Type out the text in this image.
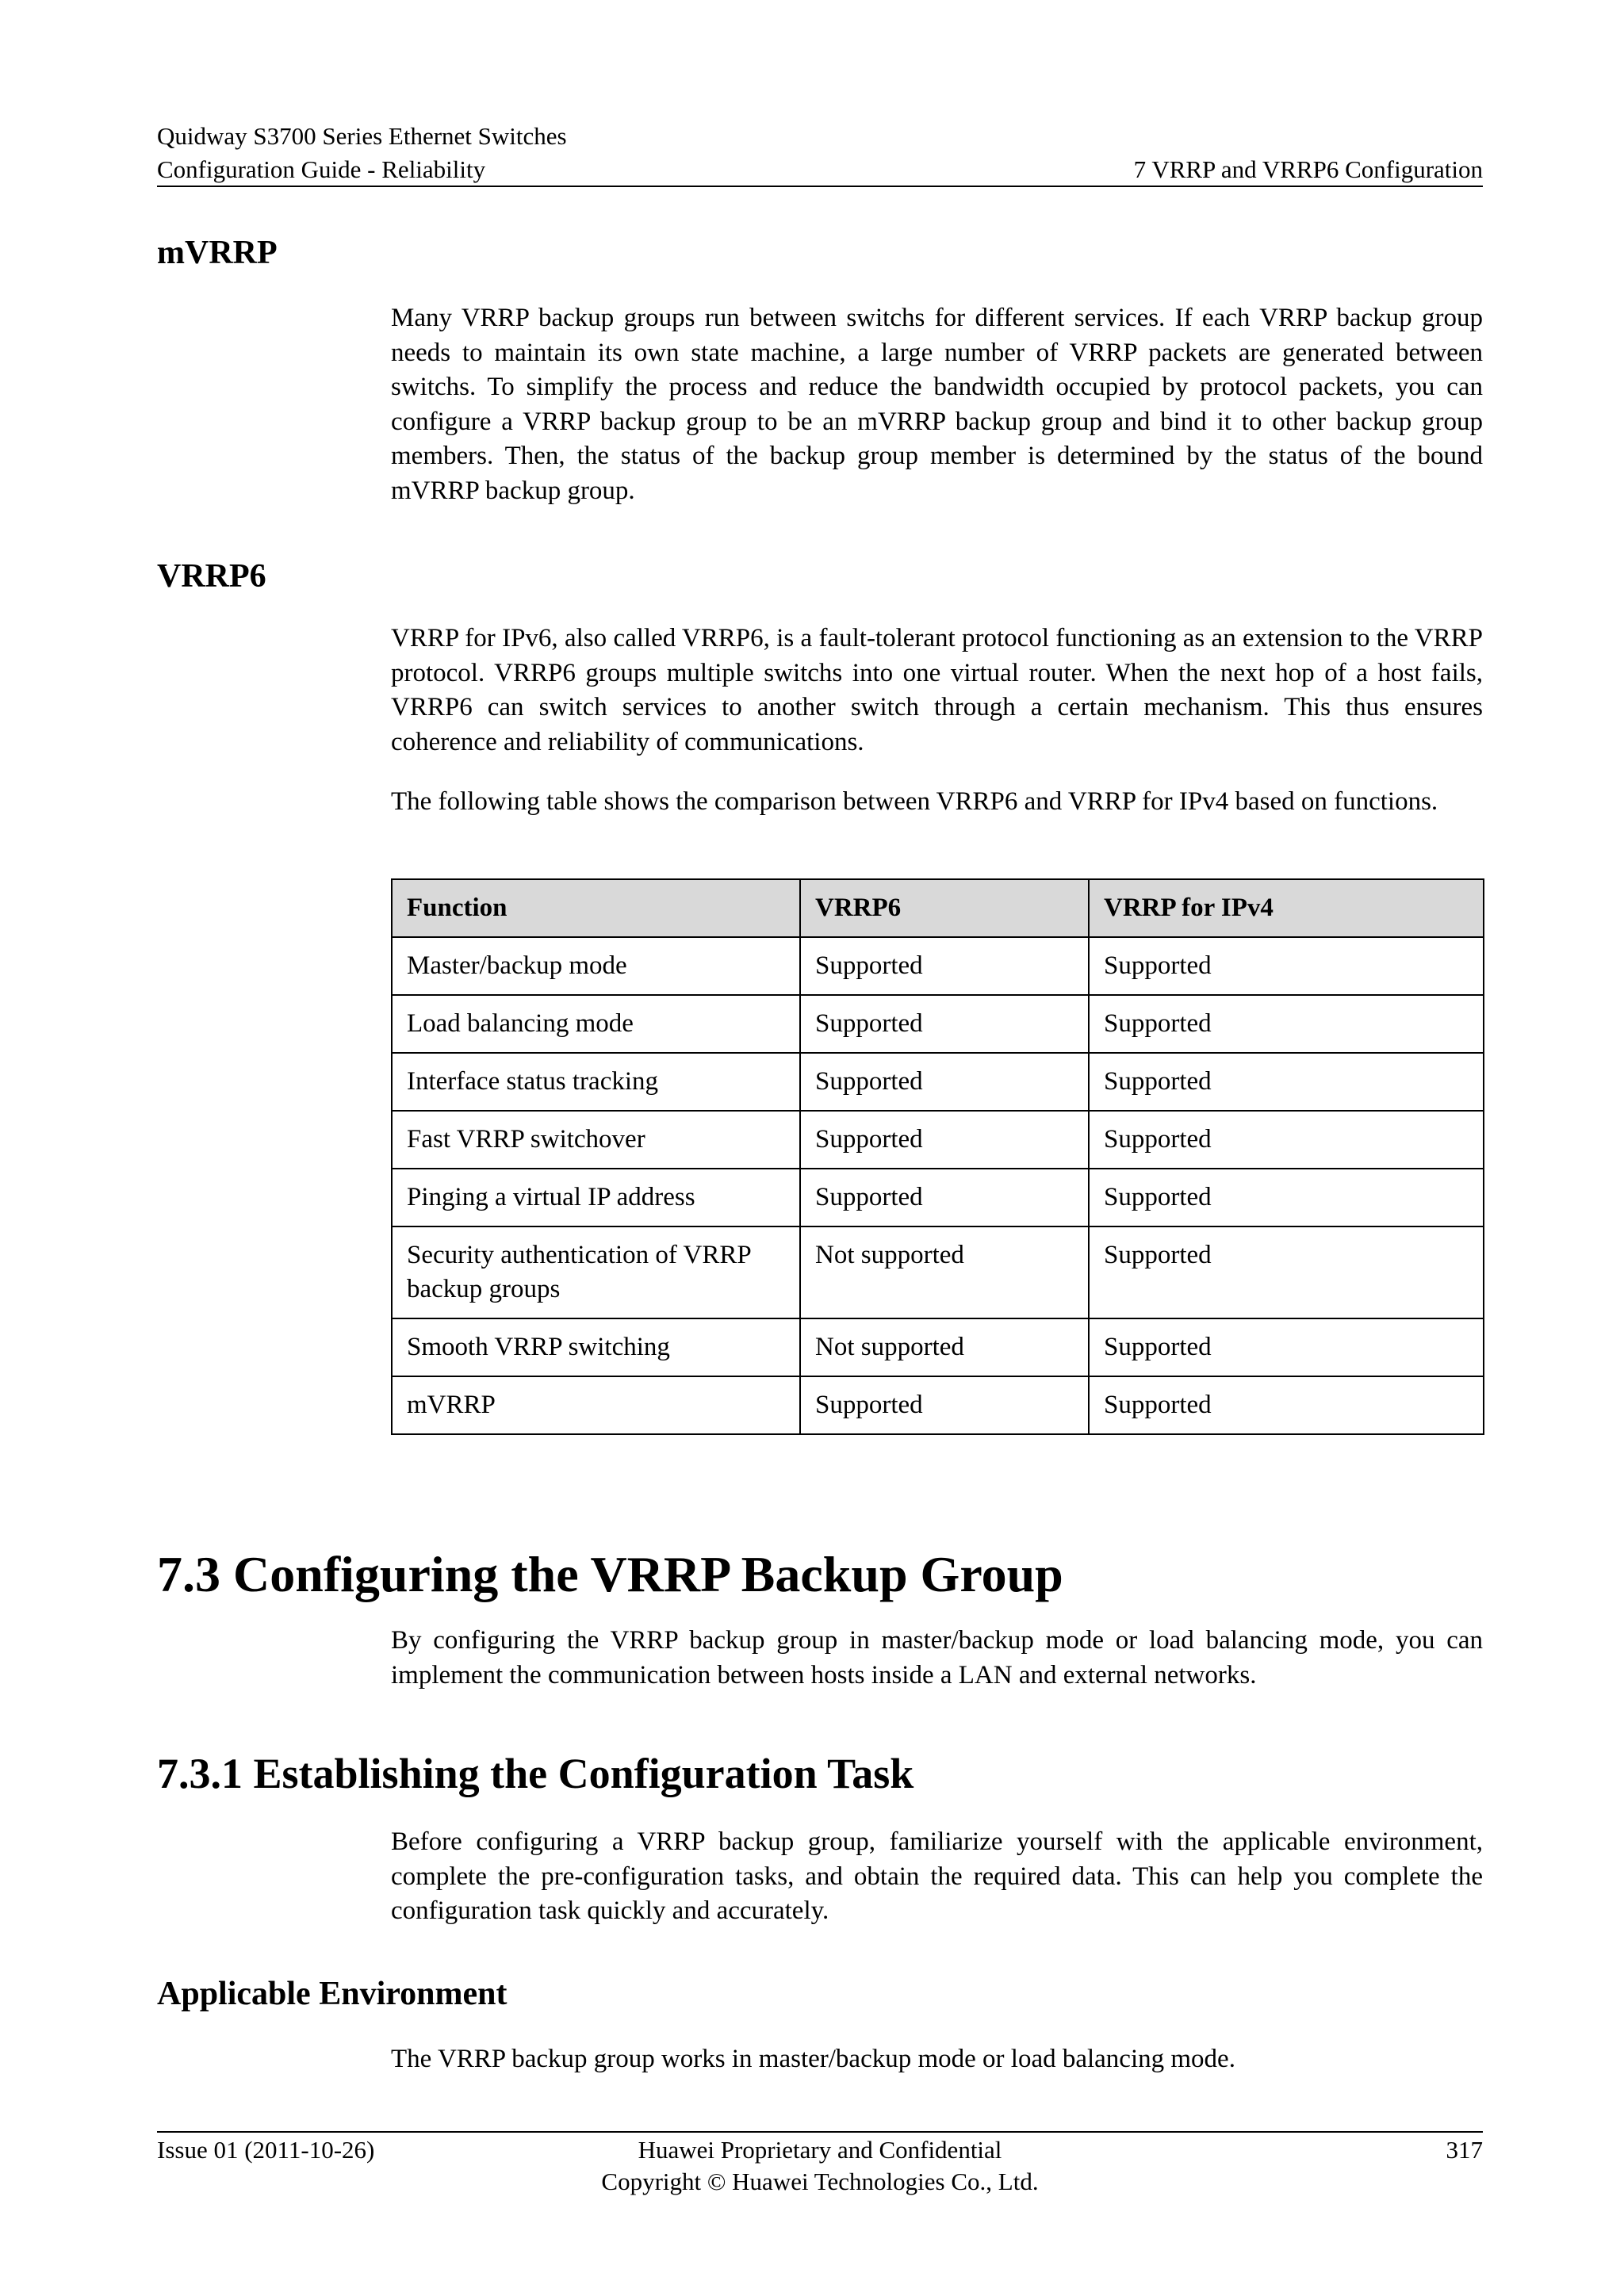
Quidway S3700 Series Ethernet Switches
Configuration Guide - Reliability	7 VRRP and VRRP6 Configuration
mVRRP

Many VRRP backup groups run between switchs for different services. If each VRRP backup group needs to maintain its own state machine, a large number of VRRP packets are generated between switchs. To simplify the process and reduce the bandwidth occupied by protocol packets, you can configure a VRRP backup group to be an mVRRP backup group and bind it to other backup group members. Then, the status of the backup group member is determined by the status of the bound mVRRP backup group.

VRRP6

VRRP for IPv6, also called VRRP6, is a fault-tolerant protocol functioning as an extension to the VRRP protocol. VRRP6 groups multiple switchs into one virtual router. When the next hop of a host fails, VRRP6 can switch services to another switch through a certain mechanism. This thus ensures coherence and reliability of communications.

The following table shows the comparison between VRRP6 and VRRP for IPv4 based on functions.

Function	VRRP6	VRRP for IPv4
Master/backup mode	Supported	Supported
Load balancing mode	Supported	Supported
Interface status tracking	Supported	Supported
Fast VRRP switchover	Supported	Supported
Pinging a virtual IP address	Supported	Supported
Security authentication of VRRP backup groups	Not supported	Supported
Smooth VRRP switching	Not supported	Supported
mVRRP	Supported	Supported
7.3 Configuring the VRRP Backup Group

By configuring the VRRP backup group in master/backup mode or load balancing mode, you can implement the communication between hosts inside a LAN and external networks.

7.3.1 Establishing the Configuration Task

Before configuring a VRRP backup group, familiarize yourself with the applicable environment, complete the pre-configuration tasks, and obtain the required data. This can help you complete the configuration task quickly and accurately.

Applicable Environment

The VRRP backup group works in master/backup mode or load balancing mode.

Issue 01 (2011-10-26)	Huawei Proprietary and Confidential
Copyright © Huawei Technologies Co., Ltd.
317
